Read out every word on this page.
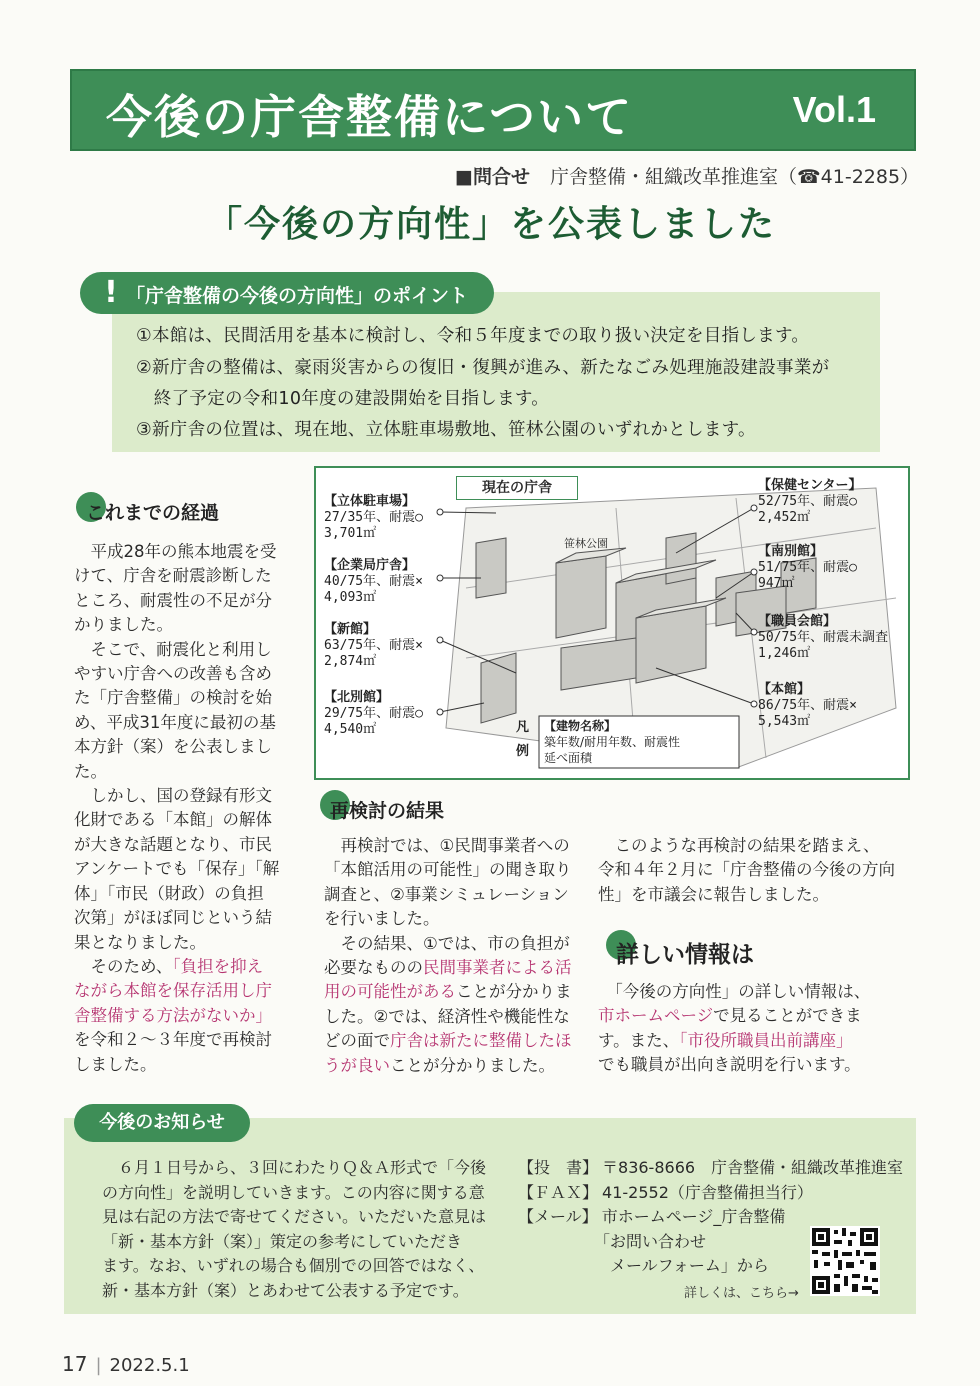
今後の庁舎整備について	Vol.1
■問合せ 庁舎整備・組織改革推進室（☎41-2285）
「今後の方向性」を公表しました
①本館は、民間活用を基本に検討し、令和５年度までの取り扱い決定を目指します。
②新庁舎の整備は、豪雨災害からの復旧・復興が進み、新たなごみ処理施設建設事業が
　終了予定の令和10年度の建設開始を目指します。
③新庁舎の位置は、現在地、立体駐車場敷地、笹林公園のいずれかとします。
! 「庁舎整備の今後の方向性」のポイント
これまでの経過

　平成28年の熊本地震を受

けて、庁舎を耐震診断した

ところ、耐震性の不足が分

かりました。

　そこで、耐震化と利用し

やすい庁舎への改善も含め

た「庁舎整備」の検討を始

め、平成31年度に最初の基

本方針（案）を公表しまし

た。

　しかし、国の登録有形文

化財である「本館」の解体

が大きな話題となり、市民

アンケートでも「保存」「解

体」「市民（財政）の負担

次第」がほぼ同じという結

果となりました。

　そのため、「負担を抑え

ながら本館を保存活用し庁

舎整備する方法がないか」

を令和２～３年度で再検討

しました。

現在の庁舎
笹林公園
【立体駐車場】
27/35年、耐震○
3,701㎡
【企業局庁舎】
40/75年、耐震×
4,093㎡
【新館】
63/75年、耐震×
2,874㎡
【北別館】
29/75年、耐震○
4,540㎡
【保健センター】
52/75年、耐震○
2,452㎡
【南別館】
51/75年、耐震○
947㎡
【職員会館】
50/75年、耐震未調査
1,246㎡
【本館】
86/75年、耐震×
5,543㎡
凡
例
【建物名称】
築年数/耐用年数、耐震性
延べ面積
再検討の結果

　再検討では、①民間事業者への

「本館活用の可能性」の聞き取り

調査と、②事業シミュレーション

を行いました。

　その結果、①では、市の負担が

必要なものの民間事業者による活

用の可能性があることが分かりま

した。②では、経済性や機能性な

どの面で庁舎は新たに整備したほ

うが良いことが分かりました。

　このような再検討の結果を踏まえ、

令和４年２月に「庁舎整備の今後の方向

性」を市議会に報告しました。

詳しい情報は

　「今後の方向性」の詳しい情報は、

市ホームページで見ることができま

す。また、「市役所職員出前講座」

でも職員が出向き説明を行います。

　６月１日号から、３回にわたりＱ＆Ａ形式で「今後

の方向性」を説明していきます。この内容に関する意

見は右記の方法で寄せてください。いただいた意見は

「新・基本方針（案）」策定の参考にしていただき

ます。なお、いずれの場合も個別での回答ではなく、

新・基本方針（案）とあわせて公表する予定です。

【投　書】 〒836-8666　庁舎整備・組織改革推進室

【ＦＡＸ】 41-2552（庁舎整備担当行）

【メール】 市ホームページ_庁舎整備

「お問い合わせ

　メールフォーム」から

詳しくは、こちら→
今後のお知らせ
17 | 2022.5.1
